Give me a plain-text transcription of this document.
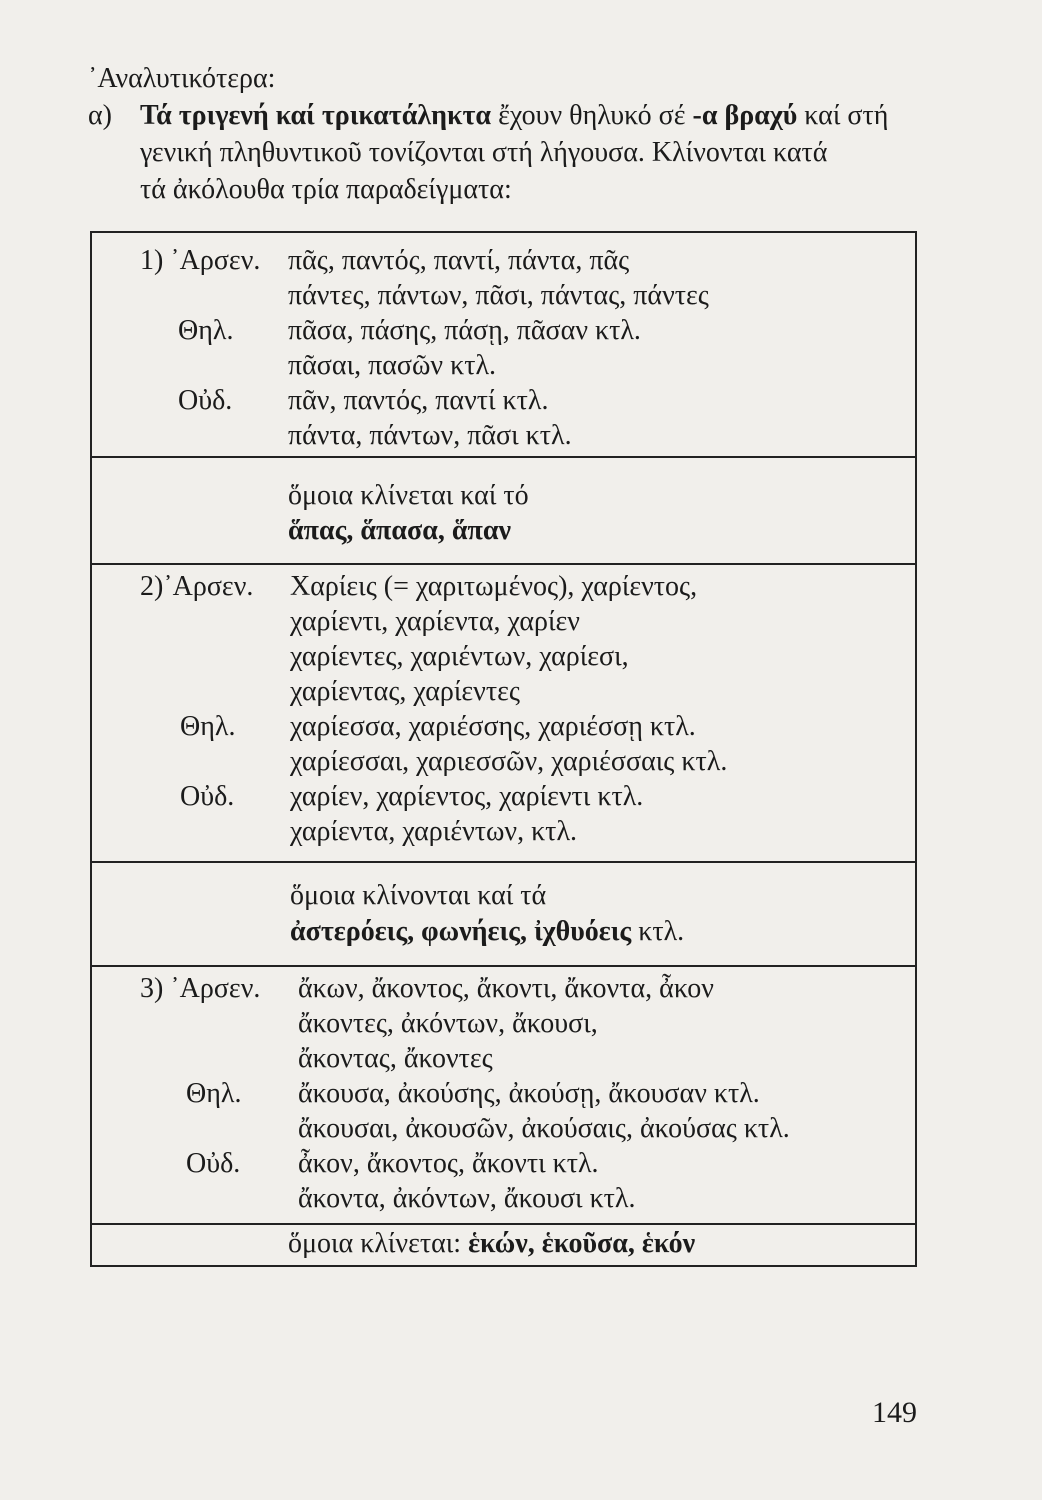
᾿Αναλυτικότερα:
α) Τά τριγενή καί τρικατάληκτα ἔχουν θηλυκό σέ -α βραχύ καί στή
γενική πληθυντικοῦ τονίζονται στή λήγουσα. Κλίνονται κατά
τά ἀκόλουθα τρία παραδείγματα:
1) ᾿Αρσεν. πᾶς, παντός, παντί, πάντα, πᾶς
πάντες, πάντων, πᾶσι, πάντας, πάντες
Θηλ. πᾶσα, πάσης, πάσῃ, πᾶσαν κτλ.
πᾶσαι, πασῶν κτλ.
Οὐδ. πᾶν, παντός, παντί κτλ.
πάντα, πάντων, πᾶσι κτλ.
ὅμοια κλίνεται καί τό
ἅπας, ἅπασα, ἅπαν
2)᾿Αρσεν. Χαρίεις (= χαριτωμένος), χαρίεντος,
χαρίεντι, χαρίεντα, χαρίεν
χαρίεντες, χαριέντων, χαρίεσι,
χαρίεντας, χαρίεντες
Θηλ. χαρίεσσα, χαριέσσης, χαριέσσῃ κτλ.
χαρίεσσαι, χαριεσσῶν, χαριέσσαις κτλ.
Οὐδ. χαρίεν, χαρίεντος, χαρίεντι κτλ.
χαρίεντα, χαριέντων, κτλ.
ὅμοια κλίνονται καί τά
ἀστερόεις, φωνήεις, ἰχθυόεις κτλ.
3) ᾿Αρσεν. ἄκων, ἄκοντος, ἄκοντι, ἄκοντα, ἆκον
ἄκοντες, ἀκόντων, ἄκουσι,
ἄκοντας, ἄκοντες
Θηλ. ἄκουσα, ἀκούσης, ἀκούσῃ, ἄκουσαν κτλ.
ἄκουσαι, ἀκουσῶν, ἀκούσαις, ἀκούσας κτλ.
Οὐδ. ἆκον, ἄκοντος, ἄκοντι κτλ.
ἄκοντα, ἀκόντων, ἄκουσι κτλ.
ὅμοια κλίνεται: ἑκών, ἑκοῦσα, ἑκόν
149
